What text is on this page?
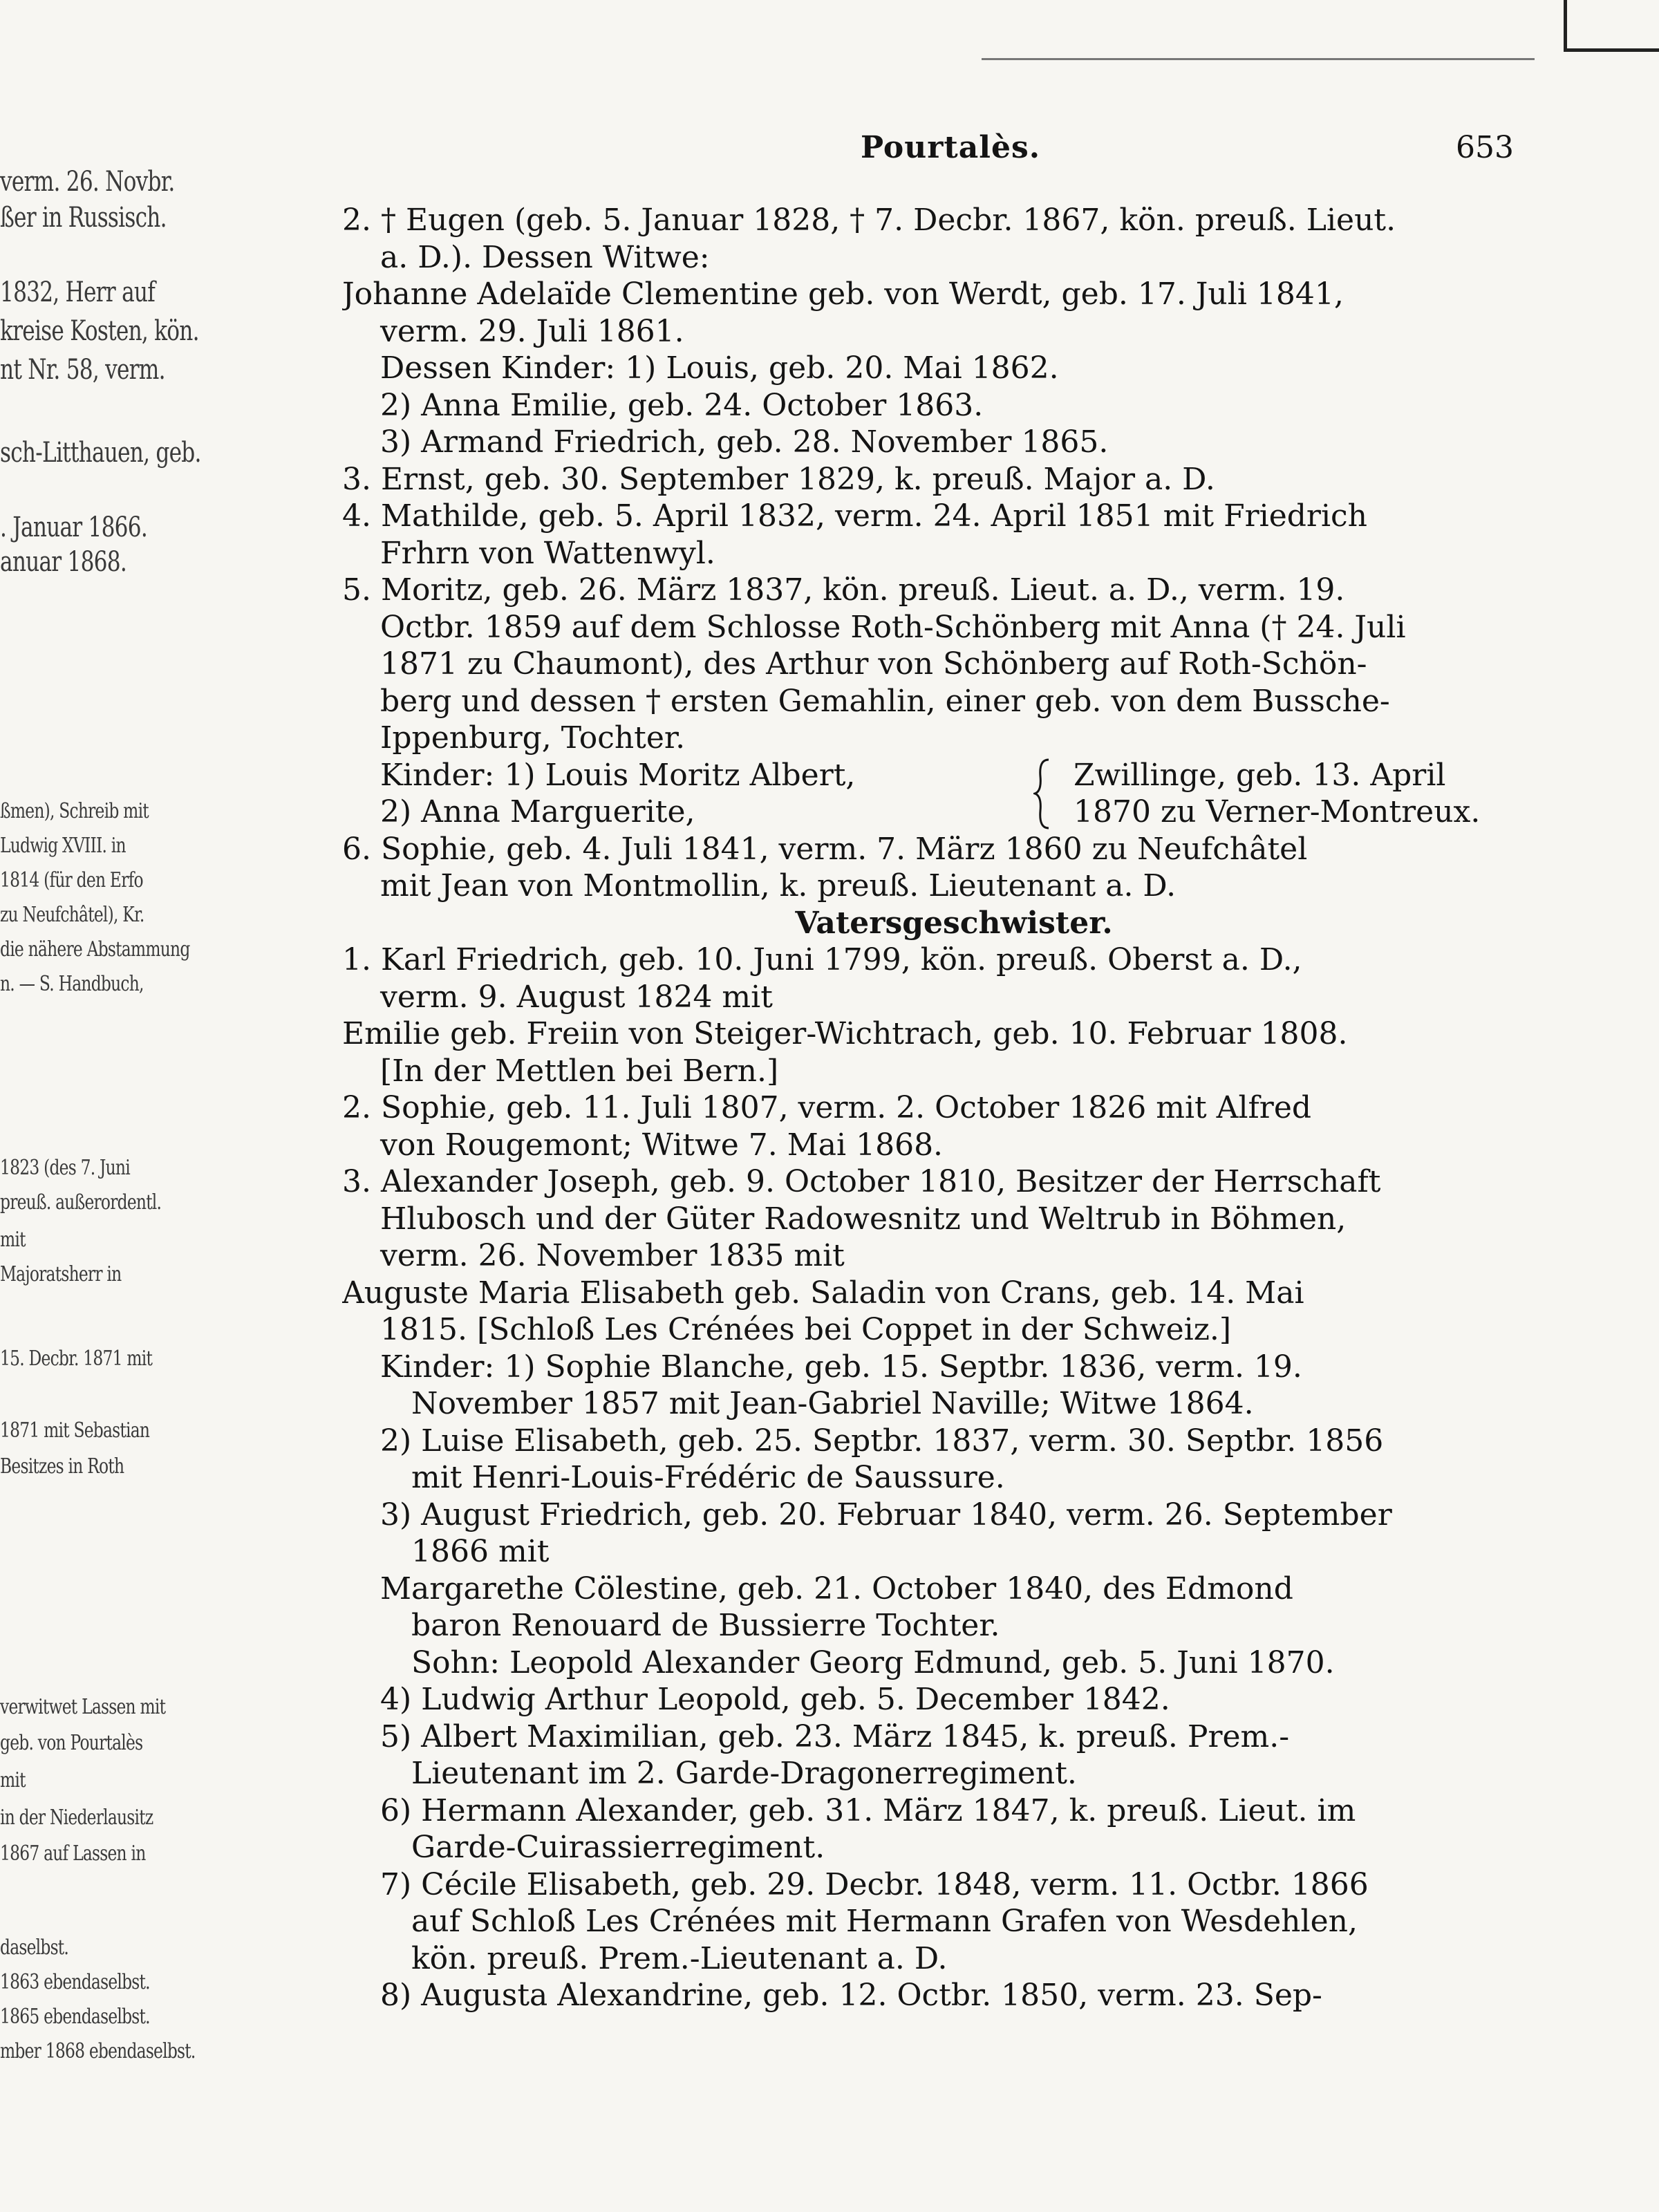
verm. 26. Novbr.
ßer in Russisch.
1832, Herr auf
kreise Kosten, kön.
nt Nr. 58, verm.
sch-Litthauen, geb.
. Januar 1866.
anuar 1868.
ßmen), Schreib mit
Ludwig XVIII. in
1814 (für den Erfo
zu Neufchâtel), Kr.
die nähere Abstammung
n. — S. Handbuch,
1823 (des 7. Juni
preuß. außerordentl.
mit
Majoratsherr in
15. Decbr. 1871 mit
1871 mit Sebastian
Besitzes in Roth
verwitwet Lassen mit
geb. von Pourtalès
mit
in der Niederlausitz
1867 auf Lassen in
daselbst.
1863 ebendaselbst.
1865 ebendaselbst.
mber 1868 ebendaselbst.
Pourtalès.	653
2. † Eugen (geb. 5. Januar 1828, † 7. Decbr. 1867, kön. preuß. Lieut.
a. D.). Dessen Witwe:
Johanne Adelaïde Clementine geb. von Werdt, geb. 17. Juli 1841,
verm. 29. Juli 1861.
Dessen Kinder: 1) Louis, geb. 20. Mai 1862.
2) Anna Emilie, geb. 24. October 1863.
3) Armand Friedrich, geb. 28. November 1865.
3. Ernst, geb. 30. September 1829, k. preuß. Major a. D.
4. Mathilde, geb. 5. April 1832, verm. 24. April 1851 mit Friedrich
Frhrn von Wattenwyl.
5. Moritz, geb. 26. März 1837, kön. preuß. Lieut. a. D., verm. 19.
Octbr. 1859 auf dem Schlosse Roth-Schönberg mit Anna († 24. Juli
1871 zu Chaumont), des Arthur von Schönberg auf Roth-Schön-
berg und dessen † ersten Gemahlin, einer geb. von dem Bussche-
Ippenburg, Tochter.
Kinder: 1) Louis Moritz Albert,
2) Anna Marguerite,
Zwillinge, geb. 13. April
1870 zu Verner-Montreux.
6. Sophie, geb. 4. Juli 1841, verm. 7. März 1860 zu Neufchâtel
mit Jean von Montmollin, k. preuß. Lieutenant a. D.
Vatersgeschwister.
1. Karl Friedrich, geb. 10. Juni 1799, kön. preuß. Oberst a. D.,
verm. 9. August 1824 mit
Emilie geb. Freiin von Steiger-Wichtrach, geb. 10. Februar 1808.
[In der Mettlen bei Bern.]
2. Sophie, geb. 11. Juli 1807, verm. 2. October 1826 mit Alfred
von Rougemont; Witwe 7. Mai 1868.
3. Alexander Joseph, geb. 9. October 1810, Besitzer der Herrschaft
Hlubosch und der Güter Radowesnitz und Weltrub in Böhmen,
verm. 26. November 1835 mit
Auguste Maria Elisabeth geb. Saladin von Crans, geb. 14. Mai
1815. [Schloß Les Crénées bei Coppet in der Schweiz.]
Kinder: 1) Sophie Blanche, geb. 15. Septbr. 1836, verm. 19.
November 1857 mit Jean-Gabriel Naville; Witwe 1864.
2) Luise Elisabeth, geb. 25. Septbr. 1837, verm. 30. Septbr. 1856
mit Henri-Louis-Frédéric de Saussure.
3) August Friedrich, geb. 20. Februar 1840, verm. 26. September
1866 mit
Margarethe Cölestine, geb. 21. October 1840, des Edmond
baron Renouard de Bussierre Tochter.
Sohn: Leopold Alexander Georg Edmund, geb. 5. Juni 1870.
4) Ludwig Arthur Leopold, geb. 5. December 1842.
5) Albert Maximilian, geb. 23. März 1845, k. preuß. Prem.-
Lieutenant im 2. Garde-Dragonerregiment.
6) Hermann Alexander, geb. 31. März 1847, k. preuß. Lieut. im
Garde-Cuirassierregiment.
7) Cécile Elisabeth, geb. 29. Decbr. 1848, verm. 11. Octbr. 1866
auf Schloß Les Crénées mit Hermann Grafen von Wesdehlen,
kön. preuß. Prem.-Lieutenant a. D.
8) Augusta Alexandrine, geb. 12. Octbr. 1850, verm. 23. Sep-
